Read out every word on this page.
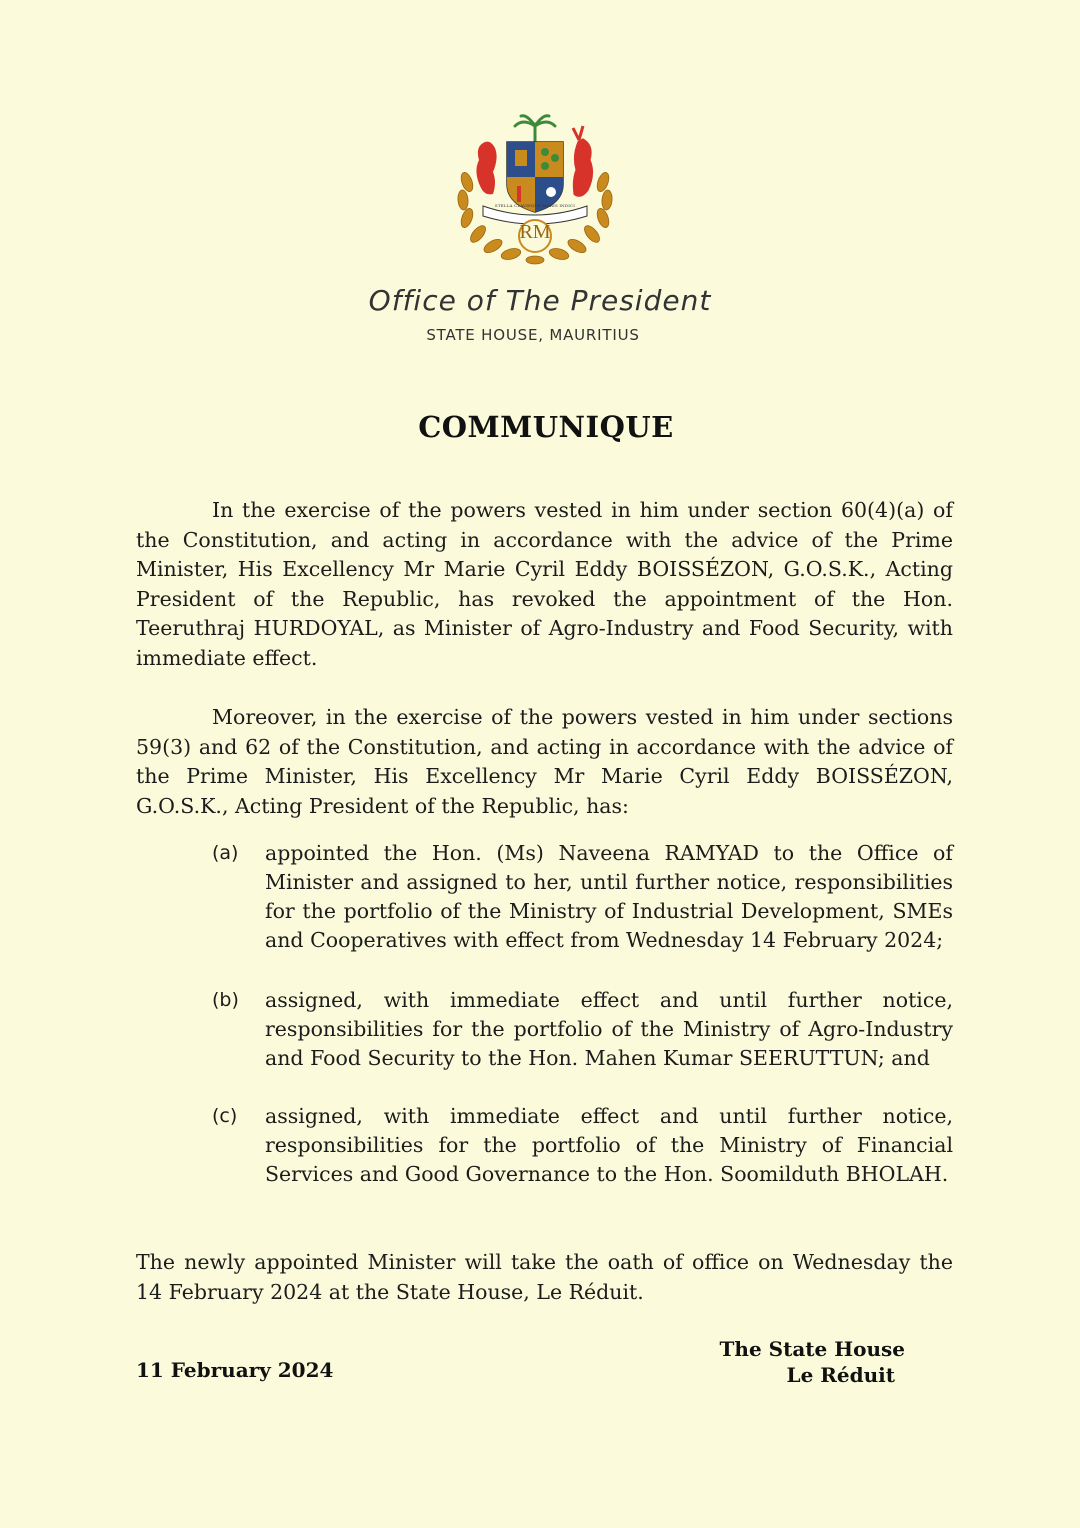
STELLA CLAVISQUE MARIS INDICI
RM
Office of The President
STATE HOUSE, MAURITIUS
COMMUNIQUE

In the exercise of the powers vested in him under section 60(4)(a) of the Constitution, and acting in accordance with the advice of the Prime Minister, His Excellency Mr Marie Cyril Eddy BOISSÉZON, G.O.S.K., Acting President of the Republic, has revoked the appointment of the Hon. Teeruthraj HURDOYAL, as Minister of Agro-Industry and Food Security, with immediate effect.

Moreover, in the exercise of the powers vested in him under sections 59(3) and 62 of the Constitution, and acting in accordance with the advice of the Prime Minister, His Excellency Mr Marie Cyril Eddy BOISSÉZON, G.O.S.K., Acting President of the Republic, has:

(a) appointed the Hon. (Ms) Naveena RAMYAD to the Office of Minister and assigned to her, until further notice, responsibilities for the portfolio of the Ministry of Industrial Development, SMEs and Cooperatives with effect from Wednesday 14 February 2024;

(b) assigned, with immediate effect and until further notice, responsibilities for the portfolio of the Ministry of Agro-Industry and Food Security to the Hon. Mahen Kumar SEERUTTUN; and

(c) assigned, with immediate effect and until further notice, responsibilities for the portfolio of the Ministry of Financial Services and Good Governance to the Hon. Soomilduth BHOLAH.

The newly appointed Minister will take the oath of office on Wednesday the 14 February 2024 at the State House, Le Réduit.

11 February 2024
The State House
Le Réduit
